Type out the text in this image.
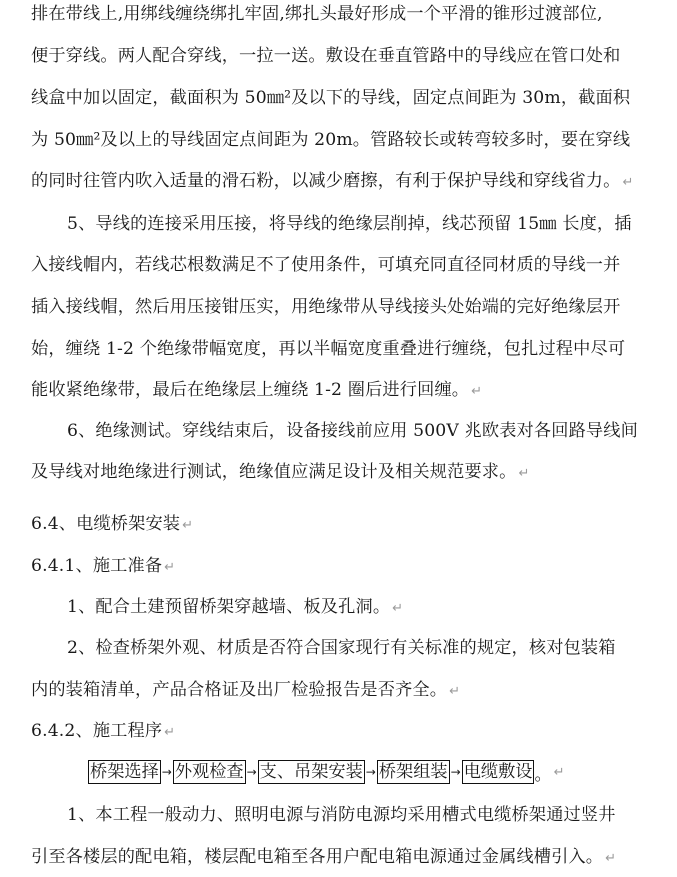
排在带线上,用绑线缠绕绑扎牢固,绑扎头最好形成一个平滑的锥形过渡部位,
便于穿线。两人配合穿线，一拉一送。敷设在垂直管路中的导线应在管口处和
线盒中加以固定，截面积为 50㎜²及以下的导线，固定点间距为 30m，截面积
为 50㎜²及以上的导线固定点间距为 20m。管路较长或转弯较多时，要在穿线
的同时往管内吹入适量的滑石粉，以减少磨擦，有利于保护导线和穿线省力。 ↵
5、导线的连接采用压接，将导线的绝缘层削掉，线芯预留 15㎜ 长度，插
入接线帽内，若线芯根数满足不了使用条件，可填充同直径同材质的导线一并
插入接线帽，然后用压接钳压实，用绝缘带从导线接头处始端的完好绝缘层开
始，缠绕 1-2 个绝缘带幅宽度，再以半幅宽度重叠进行缠绕，包扎过程中尽可
能收紧绝缘带，最后在绝缘层上缠绕 1-2 圈后进行回缠。 ↵
6、绝缘测试。穿线结束后，设备接线前应用 500V 兆欧表对各回路导线间
及导线对地绝缘进行测试，绝缘值应满足设计及相关规范要求。 ↵
6.4、电缆桥架安装 ↵
6.4.1、施工准备 ↵
1、配合土建预留桥架穿越墙、板及孔洞。 ↵
2、检查桥架外观、材质是否符合国家现行有关标准的规定，核对包装箱
内的装箱清单，产品合格证及出厂检验报告是否齐全。 ↵
6.4.2、施工程序 ↵
桥架选择 → 外观检查 → 支、吊架安装 → 桥架组装 → 电缆敷设 。 ↵
1、本工程一般动力、照明电源与消防电源均采用槽式电缆桥架通过竖井
引至各楼层的配电箱，楼层配电箱至各用户配电箱电源通过金属线槽引入。 ↵
